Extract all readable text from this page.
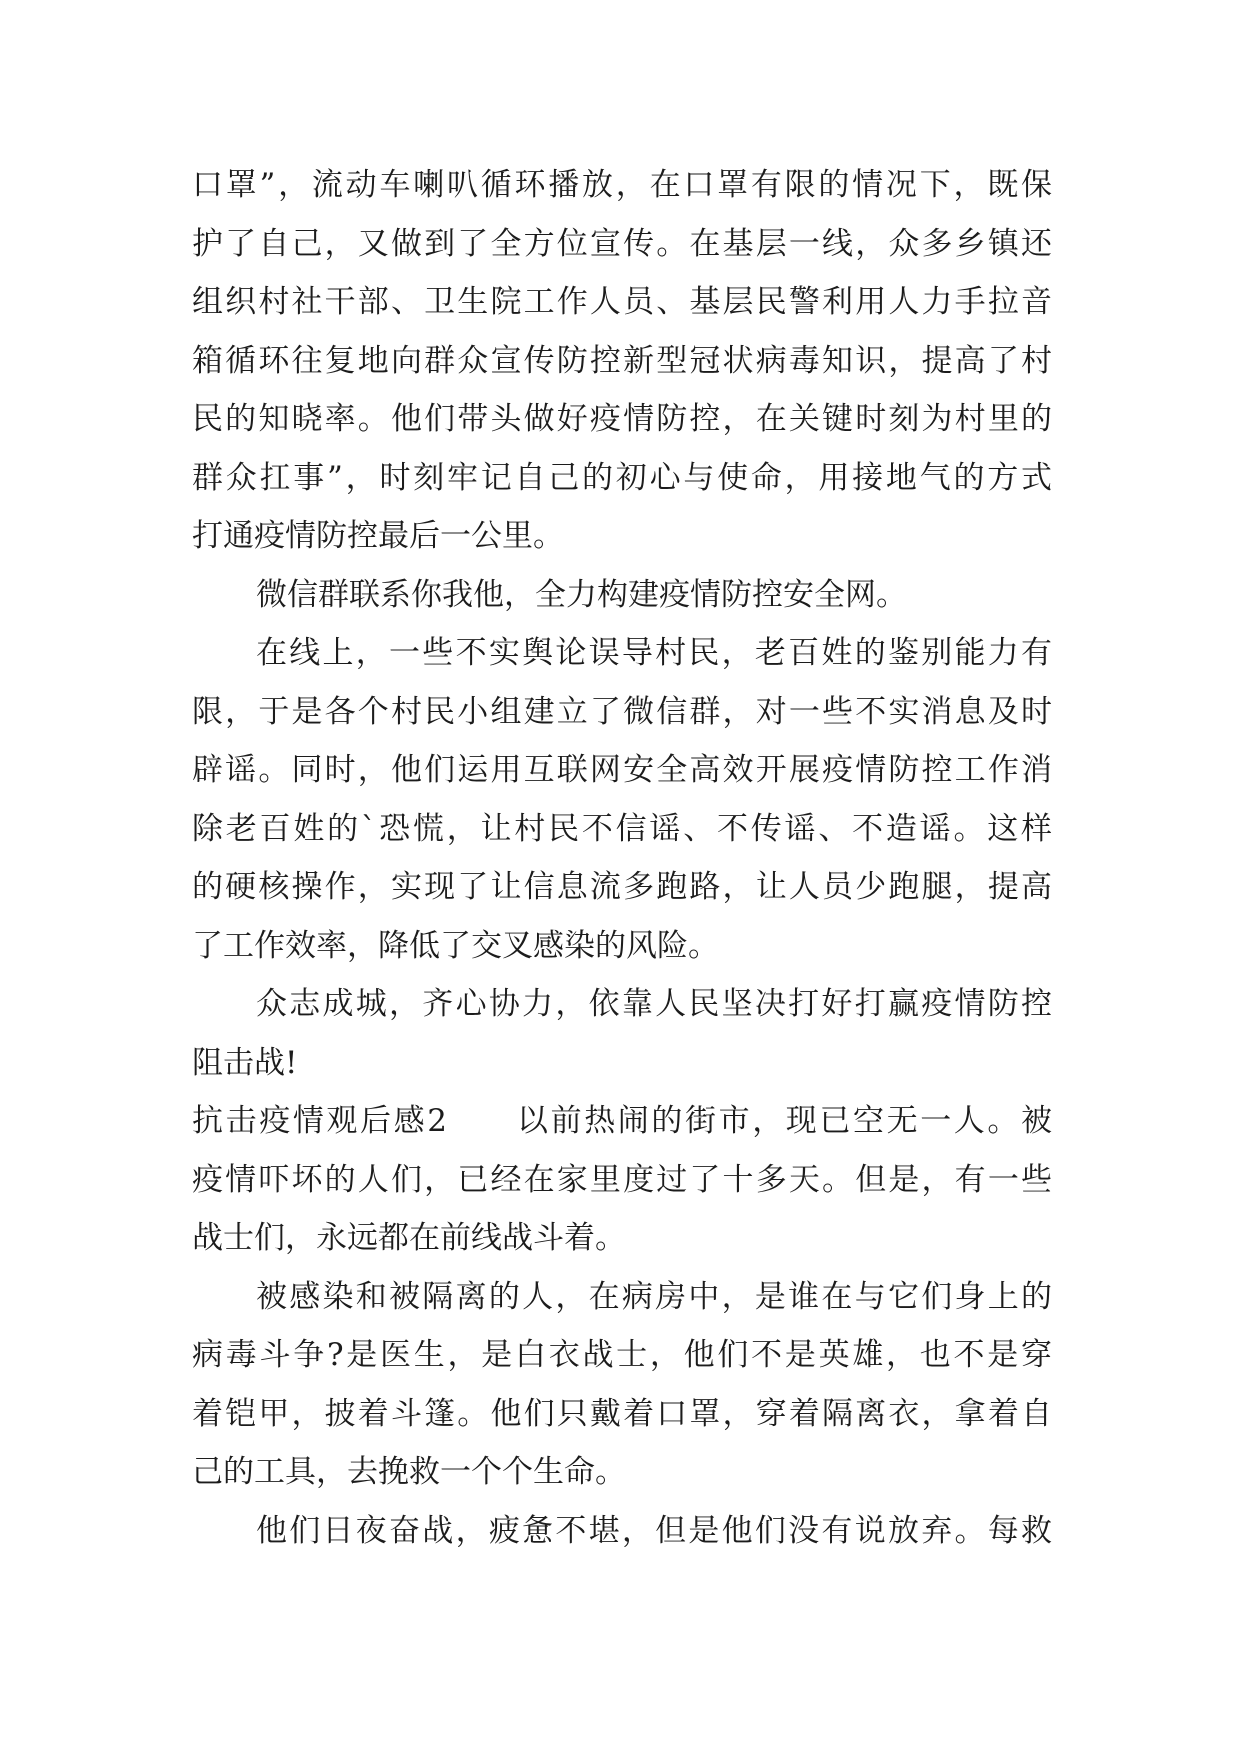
口罩”，流动车喇叭循环播放，在口罩有限的情况下，既保
护了自己，又做到了全方位宣传。在基层一线，众多乡镇还
组织村社干部、卫生院工作人员、基层民警利用人力手拉音
箱循环往复地向群众宣传防控新型冠状病毒知识，提高了村
民的知晓率。他们带头做好疫情防控，在关键时刻为村里的
群众扛事”，时刻牢记自己的初心与使命，用接地气的方式
打通疫情防控最后一公里。
微信群联系你我他，全力构建疫情防控安全网。
在线上，一些不实舆论误导村民，老百姓的鉴别能力有
限，于是各个村民小组建立了微信群，对一些不实消息及时
辟谣。同时，他们运用互联网安全高效开展疫情防控工作消
除老百姓的`恐慌，让村民不信谣、不传谣、不造谣。这样
的硬核操作，实现了让信息流多跑路，让人员少跑腿，提高
了工作效率，降低了交叉感染的风险。
众志成城，齐心协力，依靠人民坚决打好打赢疫情防控
阻击战!
抗击疫情观后感2 以前热闹的街市，现已空无一人。被
疫情吓坏的人们，已经在家里度过了十多天。但是，有一些
战士们，永远都在前线战斗着。
被感染和被隔离的人，在病房中，是谁在与它们身上的
病毒斗争?是医生，是白衣战士，他们不是英雄，也不是穿
着铠甲，披着斗篷。他们只戴着口罩，穿着隔离衣，拿着自
己的工具，去挽救一个个生命。
他们日夜奋战，疲惫不堪，但是他们没有说放弃。每救
